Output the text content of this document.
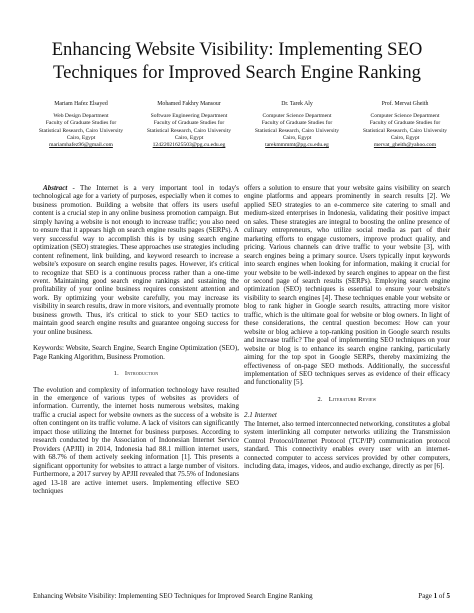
Enhancing Website Visibility: Implementing SEO
Techniques for Improved Search Engine Ranking
Mariam Hafez Elsayed
Web Design Department
Faculty of Graduate Studies for
Statistical Research, Cairo University
Cairo, Egypt
mariamhafez96@gmail.com
Mohamed Fakhry Mansour
Software Engineering Department
Faculty of Graduate Studies for
Statistical Research, Cairo University
Cairo, Egypt
12422021625503@pg.cu.edu.eg
Dr. Tarek Aly
Computer Science Department
Faculty of Graduate Studies for
Statistical Research, Cairo University
Cairo, Egypt
tarekmmmmt@pg.cu.edu.eg
Prof. Mervat Gheith
Computer Science Department
Faculty of Graduate Studies for
Statistical Research, Cairo University
Cairo, Egypt
mervat_gheith@yahoo.com

Abstract - The Internet is a very important tool in today's technological age for a variety of purposes, especially when it comes to business promotion. Building a website that offers its users useful content is a crucial step in any online business promotion campaign. But simply having a website is not enough to increase traffic; you also need to ensure that it appears high on search engine results pages (SERPs). A very successful way to accomplish this is by using search engine optimization (SEO) strategies. These approaches use strategies including content refinement, link building, and keyword research to increase a website's exposure on search engine results pages. However, it's critical to recognize that SEO is a continuous process rather than a one-time event. Maintaining good search engine rankings and sustaining the profitability of your online business requires consistent attention and work. By optimizing your website carefully, you may increase its visibility in search results, draw in more visitors, and eventually promote business growth. Thus, it's critical to stick to your SEO tactics to maintain good search engine results and guarantee ongoing success for your online business.

Keywords: Website, Search Engine, Search Engine Optimization (SEO), Page Ranking Algorithm, Business Promotion.

1. Introduction

The evolution and complexity of information technology have resulted in the emergence of various types of websites as providers of information. Currently, the internet hosts numerous websites, making traffic a crucial aspect for website owners as the success of a website is often contingent on its traffic volume. A lack of visitors can significantly impact those utilizing the Internet for business purposes. According to research conducted by the Association of Indonesian Internet Service Providers (APJII) in 2014, Indonesia had 88.1 million internet users, with 68.7% of them actively seeking information [1]. This presents a significant opportunity for websites to attract a large number of visitors. Furthermore, a 2017 survey by APJII revealed that 75.5% of Indonesians aged 13-18 are active internet users. Implementing effective SEO techniques

offers a solution to ensure that your website gains visibility on search engine platforms and appears prominently in search results [2]. We applied SEO strategies to an e-commerce site catering to small and medium-sized enterprises in Indonesia, validating their positive impact on sales. These strategies are integral to boosting the online presence of culinary entrepreneurs, who utilize social media as part of their marketing efforts to engage customers, improve product quality, and pricing. Various channels can drive traffic to your website [3], with search engines being a primary source. Users typically input keywords into search engines when looking for information, making it crucial for your website to be well-indexed by search engines to appear on the first or second page of search results (SERPs). Employing search engine optimization (SEO) techniques is essential to ensure your website's visibility to search engines [4]. These techniques enable your website or blog to rank higher in Google search results, attracting more visitor traffic, which is the ultimate goal for website or blog owners. In light of these considerations, the central question becomes: How can your website or blog achieve a top-ranking position in Google search results and increase traffic? The goal of implementing SEO techniques on your website or blog is to enhance its search engine ranking, particularly aiming for the top spot in Google SERPs, thereby maximizing the effectiveness of on-page SEO methods. Additionally, the successful implementation of SEO techniques serves as evidence of their efficacy and functionality [5].

2. Literature Review

2.1 Internet

The Internet, also termed interconnected networking, constitutes a global system interlinking all computer networks utilizing the Transmission Control Protocol/Internet Protocol (TCP/IP) communication protocol standard. This connectivity enables every user with an internet-connected computer to access services provided by other computers, including data, images, videos, and audio exchange, directly as per [6].

Enhancing Website Visibility: Implementing SEO Techniques for Improved Search Engine Ranking	Page 1 of 5
